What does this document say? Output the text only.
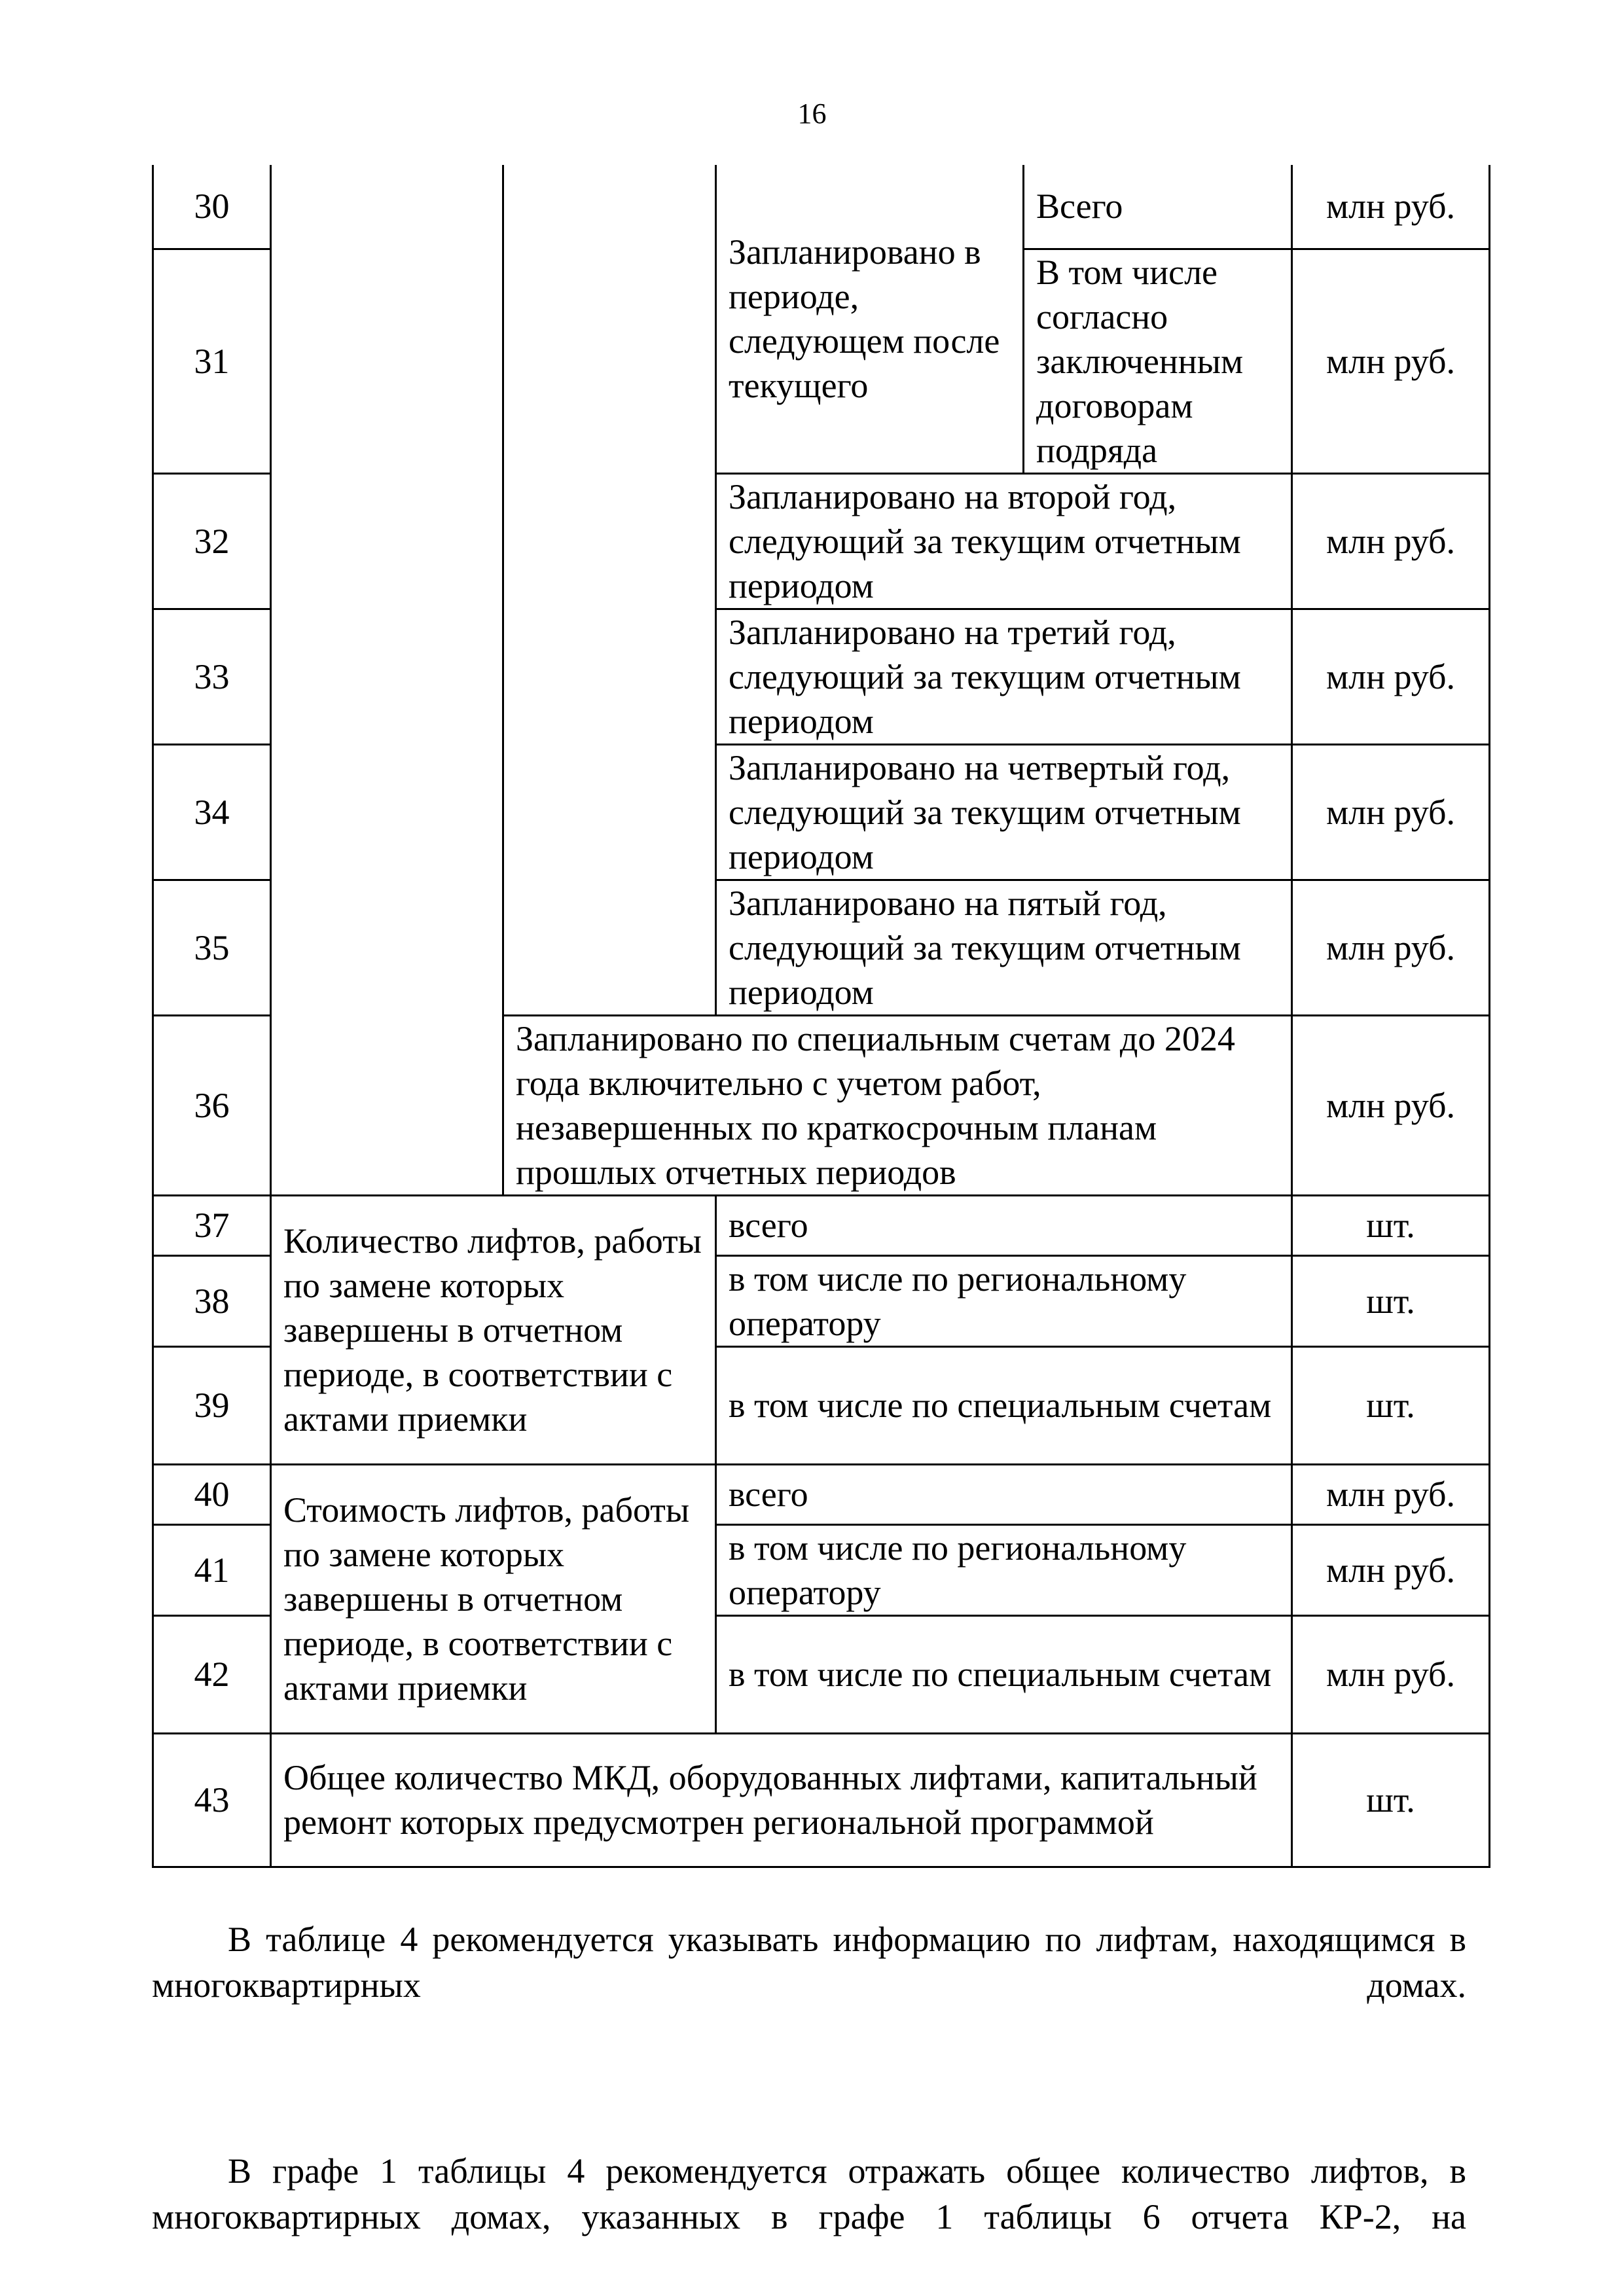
16
30			Запланировано в периоде, следующем после текущего	Всего	млн руб.
31				В том числе согласно заключенным договорам подряда	млн руб.
32			Запланировано на второй год, следующий за текущим отчетным периодом		млн руб.
33			Запланировано на третий год, следующий за текущим отчетным периодом		млн руб.
34			Запланировано на четвертый год, следующий за текущим отчетным периодом		млн руб.
35			Запланировано на пятый год, следующий за текущим отчетным периодом		млн руб.
36		Запланировано по специальным счетам до 2024 года включительно с учетом работ, незавершенных по краткосрочным планам прошлых отчетных периодов			млн руб.
37	Количество лифтов, работы по замене которых завершены в отчетном периоде, в соответствии с актами приемки		всего		шт.
38			в том числе по региональному оператору		шт.
39			в том числе по специальным счетам		шт.
40	Стоимость лифтов, работы по замене которых завершены в отчетном периоде, в соответствии с актами приемки		всего		млн руб.
41			в том числе по региональному оператору		млн руб.
42			в том числе по специальным счетам		млн руб.
43	Общее количество МКД, оборудованных лифтами, капитальный ремонт которых предусмотрен региональной программой				шт.

В таблице 4 рекомендуется указывать информацию по лифтам, находящимся в многоквартирных домах.

В графе 1 таблицы 4 рекомендуется отражать общее количество лифтов, в многоквартирных домах, указанных в графе 1 таблицы 6 отчета КР-2, на
